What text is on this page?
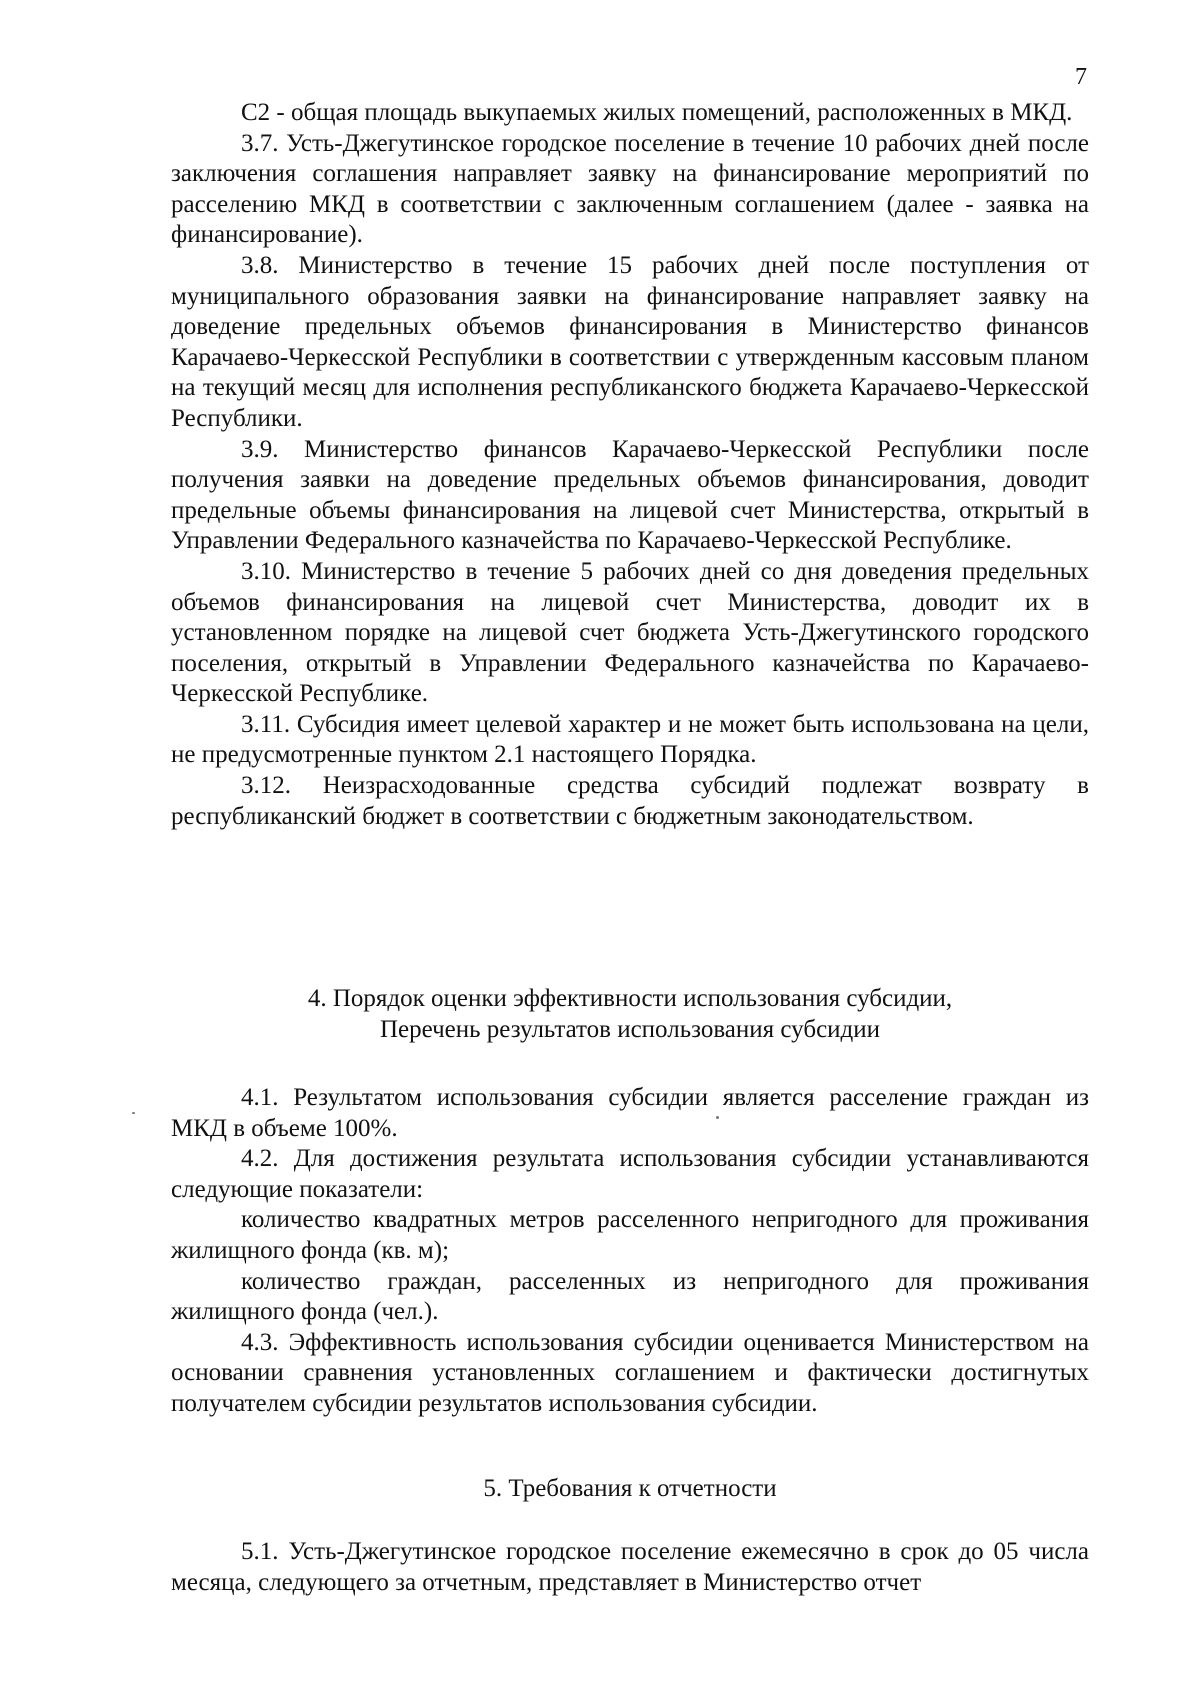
7

С2 - общая площадь выкупаемых жилых помещений, расположенных в МКД.

3.7. Усть-Джегутинское городское поселение в течение 10 рабочих дней после заключения соглашения направляет заявку на финансирование мероприятий по расселению МКД в соответствии с заключенным соглашением (далее - заявка на финансирование).

3.8. Министерство в течение 15 рабочих дней после поступления от муниципального образования заявки на финансирование направляет заявку на доведение предельных объемов финансирования в Министерство финансов Карачаево-Черкесской Республики в соответствии с утвержденным кассовым планом на текущий месяц для исполнения республиканского бюджета Карачаево-Черкесской Республики.

3.9. Министерство финансов Карачаево-Черкесской Республики после получения заявки на доведение предельных объемов финансирования, доводит предельные объемы финансирования на лицевой счет Министерства, открытый в Управлении Федерального казначейства по Карачаево-Черкесской Республике.

3.10. Министерство в течение 5 рабочих дней со дня доведения предельных объемов финансирования на лицевой счет Министерства, доводит их в установленном порядке на лицевой счет бюджета Усть-Джегутинского городского поселения, открытый в Управлении Федерального казначейства по Карачаево-Черкесской Республике.

3.11. Субсидия имеет целевой характер и не может быть использована на цели, не предусмотренные пунктом 2.1 настоящего Порядка.

3.12. Неизрасходованные средства субсидий подлежат возврату в республиканский бюджет в соответствии с бюджетным законодательством.

4. Порядок оценки эффективности использования субсидии,
Перечень результатов использования субсидии

4.1. Результатом использования субсидии является расселение граждан из МКД в объеме 100%.

4.2. Для достижения результата использования субсидии устанавливаются следующие показатели:

количество квадратных метров расселенного непригодного для проживания жилищного фонда (кв. м);

количество граждан, расселенных из непригодного для проживания жилищного фонда (чел.).

4.3. Эффективность использования субсидии оценивается Министерством на основании сравнения установленных соглашением и фактически достигнутых получателем субсидии результатов использования субсидии.

5. Требования к отчетности

5.1. Усть-Джегутинское городское поселение ежемесячно в срок до 05 числа месяца, следующего за отчетным, представляет в Министерство отчет
